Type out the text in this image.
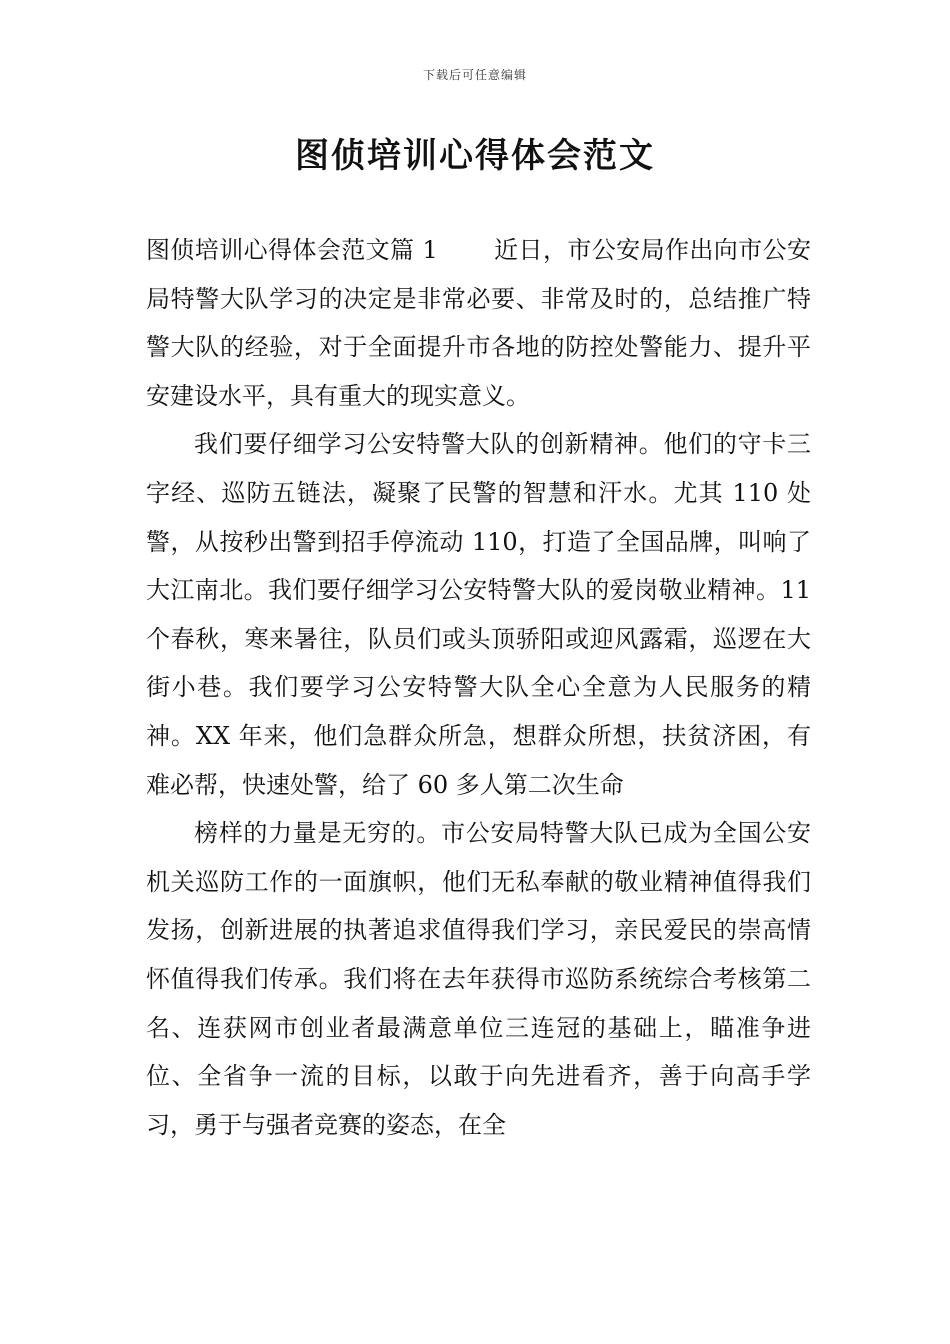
下载后可任意编辑
图侦培训心得体会范文

图侦培训心得体会范文篇 1 近日，市公安局作出向市公安局特警大队学习的决定是非常必要、非常及时的，总结推广特警大队的经验，对于全面提升市各地的防控处警能力、提升平安建设水平，具有重大的现实意义。

我们要仔细学习公安特警大队的创新精神。他们的守卡三字经、巡防五链法，凝聚了民警的智慧和汗水。尤其 110 处警，从按秒出警到招手停流动 110，打造了全国品牌，叫响了大江南北。我们要仔细学习公安特警大队的爱岗敬业精神。11 个春秋，寒来暑往，队员们或头顶骄阳或迎风露霜，巡逻在大街小巷。我们要学习公安特警大队全心全意为人民服务的精神。XX 年来，他们急群众所急，想群众所想，扶贫济困，有难必帮，快速处警，给了 60 多人第二次生命

榜样的力量是无穷的。市公安局特警大队已成为全国公安机关巡防工作的一面旗帜，他们无私奉献的敬业精神值得我们发扬，创新进展的执著追求值得我们学习，亲民爱民的崇高情怀值得我们传承。我们将在去年获得市巡防系统综合考核第二名、连获网市创业者最满意单位三连冠的基础上，瞄准争进位、全省争一流的目标，以敢于向先进看齐，善于向高手学习，勇于与强者竞赛的姿态，在全
